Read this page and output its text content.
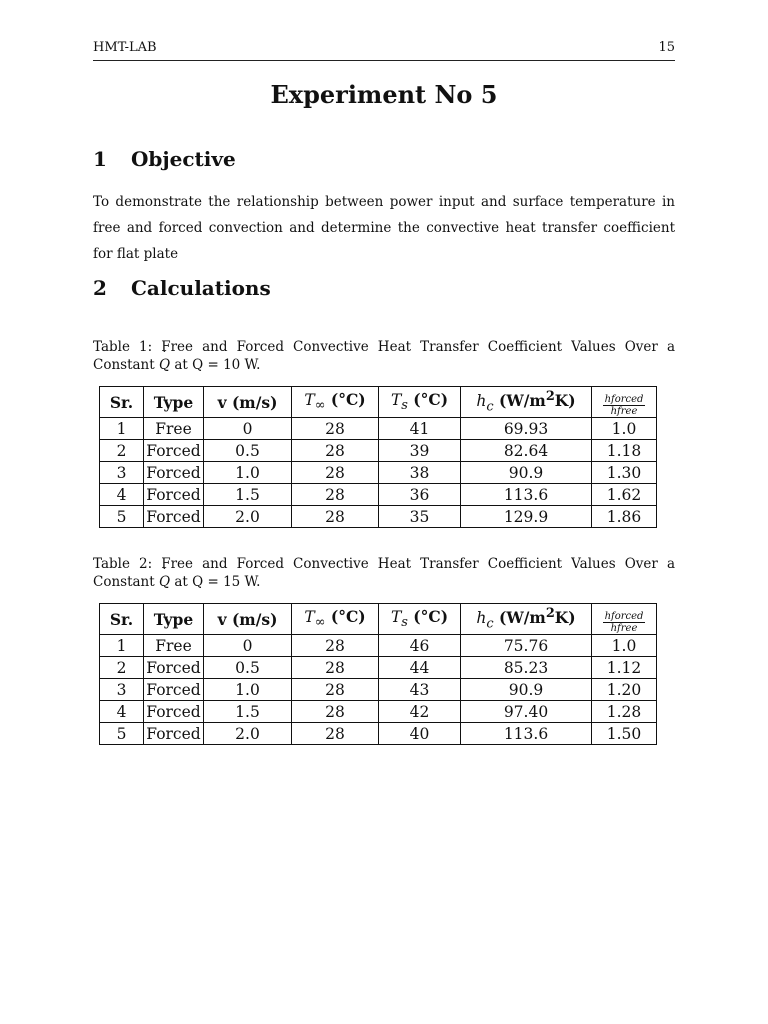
HMT-LAB	15
Experiment No 5
1 Objective
To demonstrate the relationship between power input and surface temperature in free and forced convection and determine the convective heat transfer coefficient for flat plate
2 Calculations
Table 1: Free and Forced Convective Heat Transfer Coefficient Values Over a Constant ˙ Q at Q = 10 W.
Sr.	Type	v (m/s)	$T_\infty$ (°C)	$T_s$ (°C)	$h_c$ $(W/m^2K)$	$\frac{\text{hforced}}{\text{hfree}}$

1	Free	0	28	41	69.93	1.0
2	Forced	0.5	28	39	82.64	1.18
3	Forced	1.0	28	38	90.9	1.30
4	Forced	1.5	28	36	113.6	1.62
5	Forced	2.0	28	35	129.9	1.86
Table 2: Free and Forced Convective Heat Transfer Coefficient Values Over a Constant ˙ Q at Q = 15 W.
Sr.	Type	v (m/s)	$T_\infty$ (°C)	$T_s$ (°C)	$h_c$ $(W/m^2K)$	$\frac{\text{hforced}}{\text{hfree}}$

1	Free	0	28	46	75.76	1.0
2	Forced	0.5	28	44	85.23	1.12
3	Forced	1.0	28	43	90.9	1.20
4	Forced	1.5	28	42	97.40	1.28
5	Forced	2.0	28	40	113.6	1.50
